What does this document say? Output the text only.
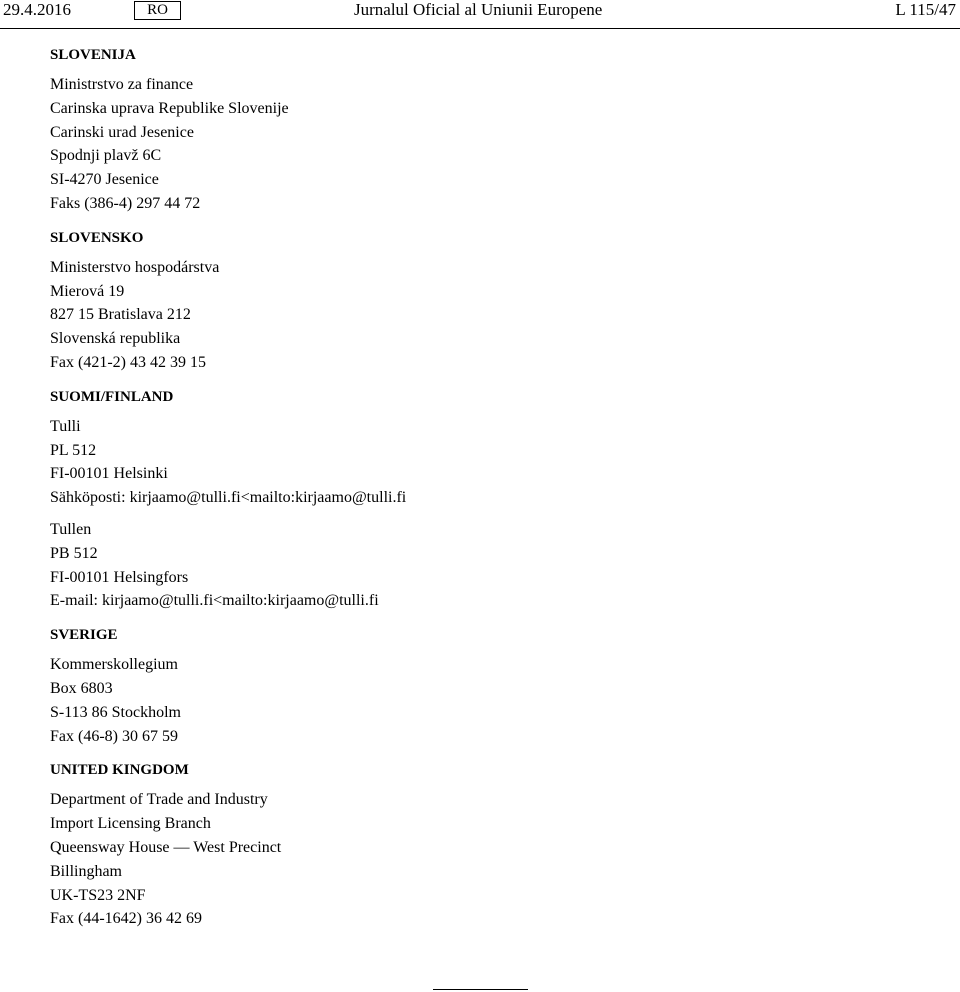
29.4.2016	RO	Jurnalul Oficial al Uniunii Europene	L 115/47
SLOVENIJA
Ministrstvo za finance
Carinska uprava Republike Slovenije
Carinski urad Jesenice
Spodnji plavž 6C
SI-4270 Jesenice
Faks (386-4) 297 44 72
SLOVENSKO
Ministerstvo hospodárstva
Mierová 19
827 15 Bratislava 212
Slovenská republika
Fax (421-2) 43 42 39 15
SUOMI/FINLAND
Tulli
PL 512
FI-00101 Helsinki
Sähköposti: kirjaamo@tulli.fi<mailto:kirjaamo@tulli.fi
Tullen
PB 512
FI-00101 Helsingfors
E-mail: kirjaamo@tulli.fi<mailto:kirjaamo@tulli.fi
SVERIGE
Kommerskollegium
Box 6803
S-113 86 Stockholm
Fax (46-8) 30 67 59
UNITED KINGDOM
Department of Trade and Industry
Import Licensing Branch
Queensway House — West Precinct
Billingham
UK-TS23 2NF
Fax (44-1642) 36 42 69
